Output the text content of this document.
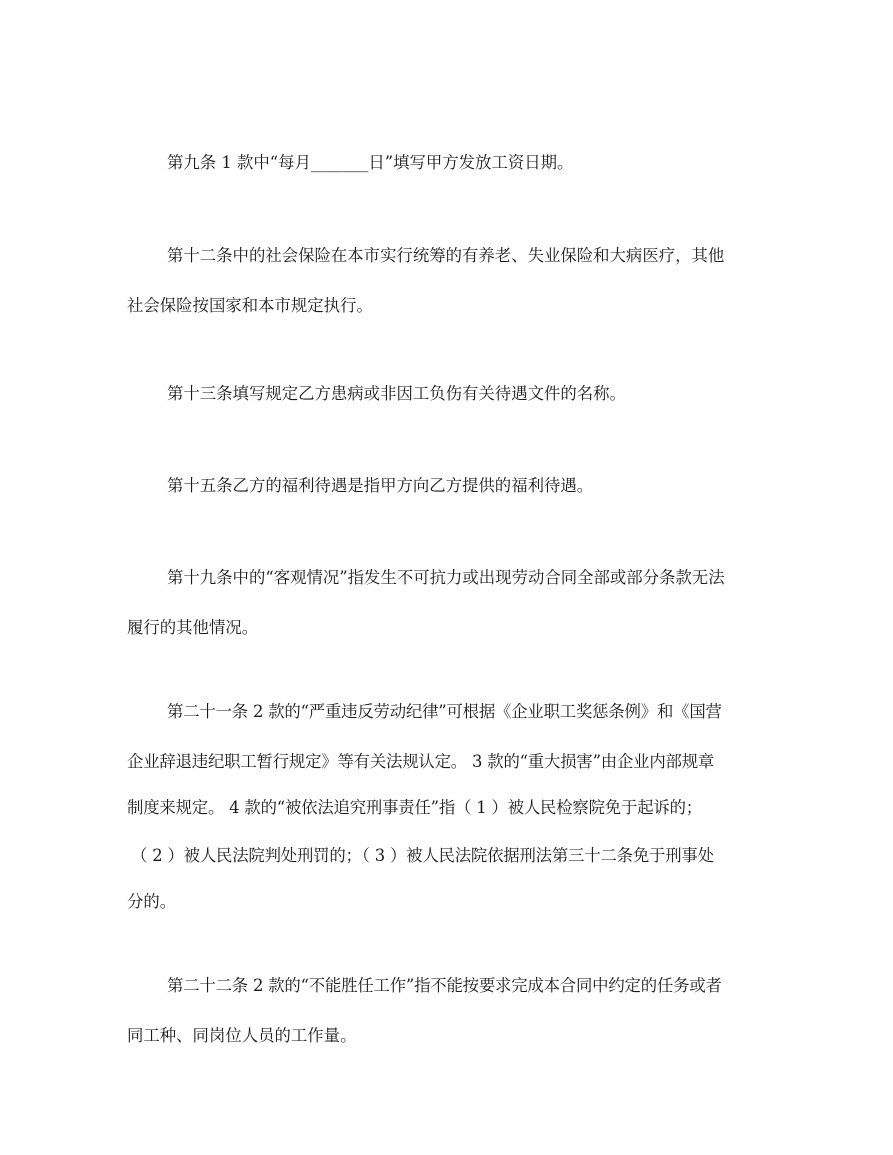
第九条 1 款中“每月_______日”填写甲方发放工资日期。

第十二条中的社会保险在本市实行统筹的有养老、失业保险和大病医疗，其他

社会保险按国家和本市规定执行。

第十三条填写规定乙方患病或非因工负伤有关待遇文件的名称。

第十五条乙方的福利待遇是指甲方向乙方提供的福利待遇。

第十九条中的“客观情况”指发生不可抗力或出现劳动合同全部或部分条款无法

履行的其他情况。

第二十一条 2 款的“严重违反劳动纪律”可根据《企业职工奖惩条例》和《国营

企业辞退违纪职工暂行规定》等有关法规认定。 3 款的“重大损害”由企业内部规章

制度来规定。 4 款的“被依法追究刑事责任”指（ 1 ）被人民检察院免于起诉的；

（ 2 ）被人民法院判处刑罚的；（ 3 ）被人民法院依据刑法第三十二条免于刑事处

分的。

第二十二条 2 款的“不能胜任工作”指不能按要求完成本合同中约定的任务或者

同工种、同岗位人员的工作量。
